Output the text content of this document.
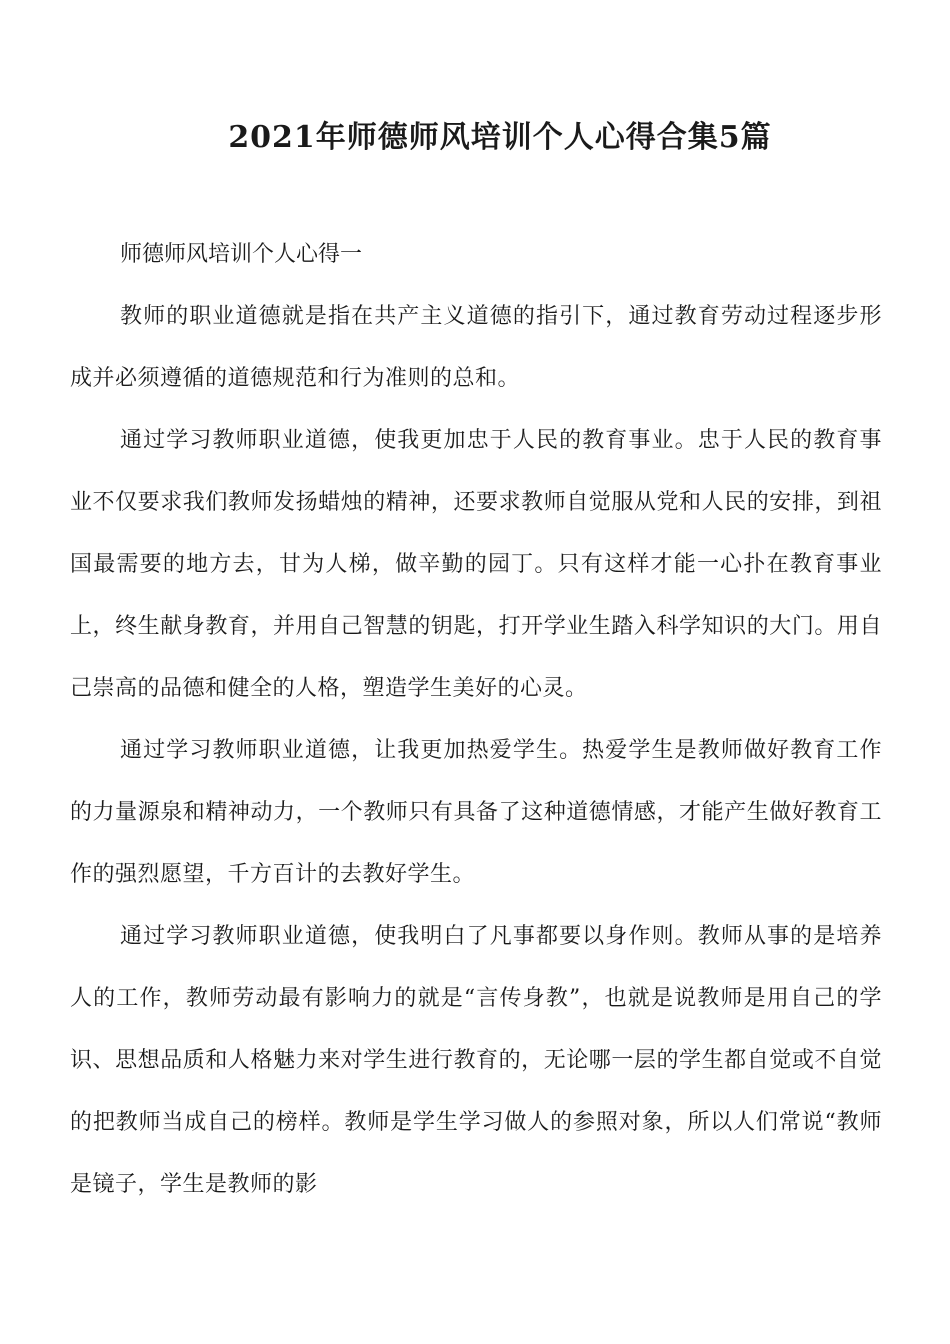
2021年师德师风培训个人心得合集5篇

师德师风培训个人心得一

教师的职业道德就是指在共产主义道德的指引下，通过教育劳动过程逐步形成并必须遵循的道德规范和行为准则的总和。

通过学习教师职业道德，使我更加忠于人民的教育事业。忠于人民的教育事业不仅要求我们教师发扬蜡烛的精神，还要求教师自觉服从党和人民的安排，到祖国最需要的地方去，甘为人梯，做辛勤的园丁。只有这样才能一心扑在教育事业上，终生献身教育，并用自己智慧的钥匙，打开学业生踏入科学知识的大门。用自己崇高的品德和健全的人格，塑造学生美好的心灵。

通过学习教师职业道德，让我更加热爱学生。热爱学生是教师做好教育工作的力量源泉和精神动力，一个教师只有具备了这种道德情感，才能产生做好教育工作的强烈愿望，千方百计的去教好学生。

通过学习教师职业道德，使我明白了凡事都要以身作则。教师从事的是培养人的工作，教师劳动最有影响力的就是“言传身教”，也就是说教师是用自己的学识、思想品质和人格魅力来对学生进行教育的，无论哪一层的学生都自觉或不自觉的把教师当成自己的榜样。教师是学生学习做人的参照对象，所以人们常说“教师是镜子，学生是教师的影
